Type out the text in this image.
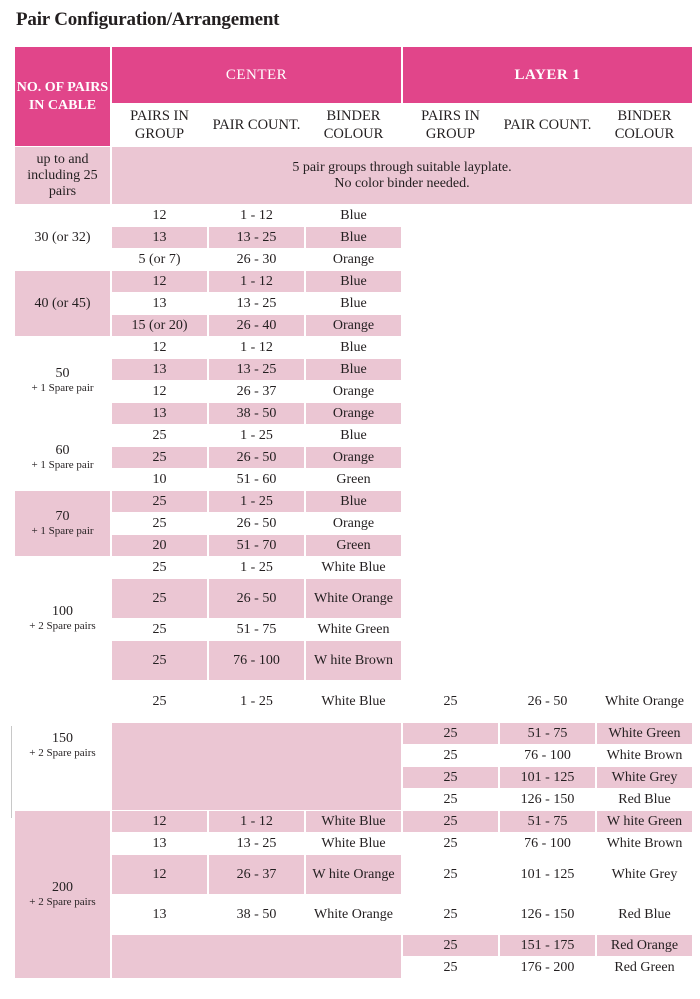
Pair Configuration/Arrangement
NO. OF PAIRS IN CABLE	CENTER			LAYER 1		
	PAIRS IN GROUP	PAIR COUNT.	BINDER COLOUR	PAIRS IN GROUP	PAIR COUNT.	BINDER COLOUR
up to and including 25 pairs	5 pair groups through suitable layplate.
No color binder needed.					

30 (or 32)	12	1 - 12	Blue			
	13	13 - 25	Blue			
	5 (or 7)	26 - 30	Orange			

40 (or 45)	12	1 - 12	Blue			
	13	13 - 25	Blue			
	15 (or 20)	26 - 40	Orange			

50
+ 1 Spare pair	12	1 - 12	Blue			
	13	13 - 25	Blue			
	12	26 - 37	Orange			
	13	38 - 50	Orange			

60
+ 1 Spare pair	25	1 - 25	Blue			
	25	26 - 50	Orange			
	10	51 - 60	Green			

70
+ 1 Spare pair	25	1 - 25	Blue			
	25	26 - 50	Orange			
	20	51 - 70	Green			

100
+ 2 Spare pairs	25	1 - 25	White Blue			
	25	26 - 50	White Orange			
	25	51 - 75	White Green			
	25	76 - 100	W hite Brown			

150
+ 2 Spare pairs	25	1 - 25	White Blue	25	26 - 50	White Orange
				25	51 - 75	White Green
				25	76 - 100	White Brown
				25	101 - 125	White Grey
				25	126 - 150	Red Blue

200
+ 2 Spare pairs	12	1 - 12	White Blue	25	51 - 75	W hite Green
	13	13 - 25	White Blue	25	76 - 100	White Brown
	12	26 - 37	W hite Orange	25	101 - 125	White Grey
	13	38 - 50	White Orange	25	126 - 150	Red Blue
				25	151 - 175	Red Orange
				25	176 - 200	Red Green
